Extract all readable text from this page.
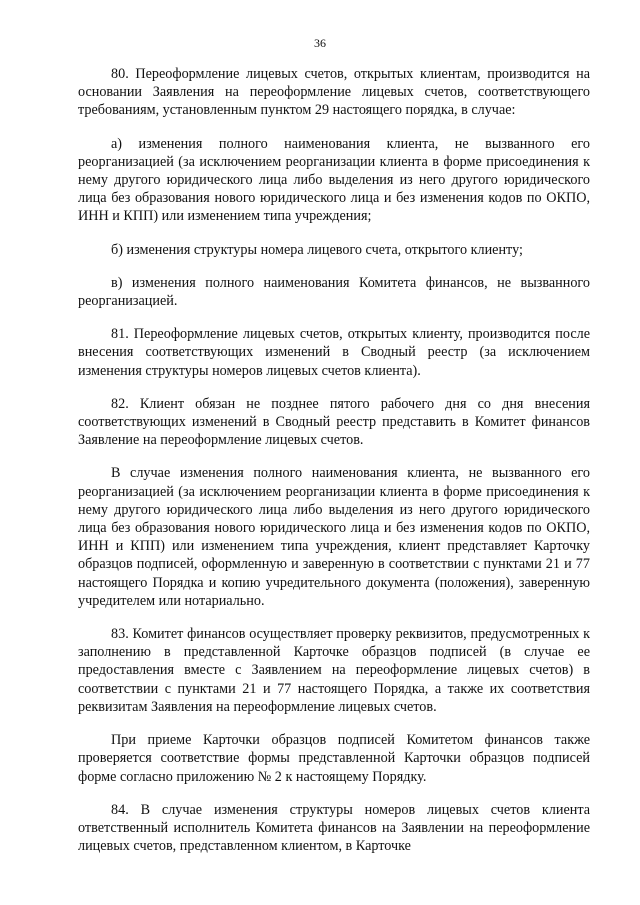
36

80. Переоформление лицевых счетов, открытых клиентам, производится на основании Заявления на переоформление лицевых счетов, соответствующего требованиям, установленным пунктом 29 настоящего порядка, в случае:

а) изменения полного наименования клиента, не вызванного его реорганизацией (за исключением реорганизации клиента в форме присоединения к нему другого юридического лица либо выделения из него другого юридического лица без образования нового юридического лица и без изменения кодов по ОКПО, ИНН и КПП) или изменением типа учреждения;

б) изменения структуры номера лицевого счета, открытого клиенту;

в) изменения полного наименования Комитета финансов, не вызванного реорганизацией.

81. Переоформление лицевых счетов, открытых клиенту, производится после внесения соответствующих изменений в Сводный реестр (за исключением изменения структуры номеров лицевых счетов клиента).

82. Клиент обязан не позднее пятого рабочего дня со дня внесения соответствующих изменений в Сводный реестр представить в Комитет финансов Заявление на переоформление лицевых счетов.

В случае изменения полного наименования клиента, не вызванного его реорганизацией (за исключением реорганизации клиента в форме присоединения к нему другого юридического лица либо выделения из него другого юридического лица без образования нового юридического лица и без изменения кодов по ОКПО, ИНН и КПП) или изменением типа учреждения, клиент представляет Карточку образцов подписей, оформленную и заверенную в соответствии с пунктами 21 и 77 настоящего Порядка и копию учредительного документа (положения), заверенную учредителем или нотариально.

83. Комитет финансов осуществляет проверку реквизитов, предусмотренных к заполнению в представленной Карточке образцов подписей (в случае ее предоставления вместе с Заявлением на переоформление лицевых счетов) в соответствии с пунктами 21 и 77 настоящего Порядка, а также их соответствия реквизитам Заявления на переоформление лицевых счетов.

При приеме Карточки образцов подписей Комитетом финансов также проверяется соответствие формы представленной Карточки образцов подписей форме согласно приложению № 2 к настоящему Порядку.

84. В случае изменения структуры номеров лицевых счетов клиента ответственный исполнитель Комитета финансов на Заявлении на переоформление лицевых счетов, представленном клиентом, в Карточке
